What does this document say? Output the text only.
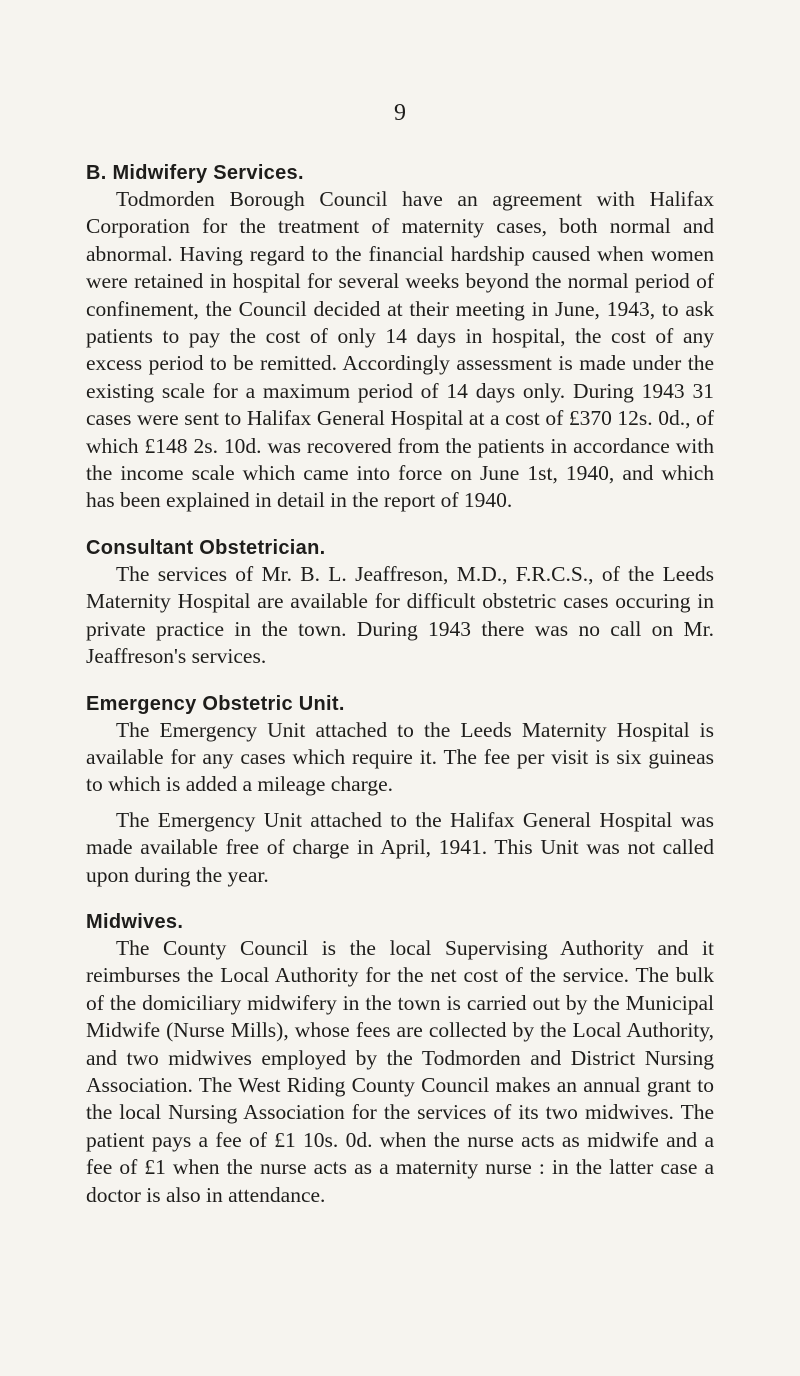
9
B. Midwifery Services.

Todmorden Borough Council have an agreement with Halifax Corporation for the treatment of maternity cases, both normal and abnormal. Having regard to the financial hardship caused when women were retained in hospital for several weeks beyond the normal period of confinement, the Council decided at their meeting in June, 1943, to ask patients to pay the cost of only 14 days in hospital, the cost of any excess period to be remitted. Accordingly assessment is made under the existing scale for a maximum period of 14 days only. During 1943 31 cases were sent to Halifax General Hospital at a cost of £370 12s. 0d., of which £148 2s. 10d. was recovered from the patients in accordance with the income scale which came into force on June 1st, 1940, and which has been explained in detail in the report of 1940.

Consultant Obstetrician.

The services of Mr. B. L. Jeaffreson, M.D., F.R.C.S., of the Leeds Maternity Hospital are available for difficult obstetric cases occuring in private practice in the town. During 1943 there was no call on Mr. Jeaffreson's services.

Emergency Obstetric Unit.

The Emergency Unit attached to the Leeds Maternity Hospital is available for any cases which require it. The fee per visit is six guineas to which is added a mileage charge.

The Emergency Unit attached to the Halifax General Hospital was made available free of charge in April, 1941. This Unit was not called upon during the year.

Midwives.

The County Council is the local Supervising Authority and it reimburses the Local Authority for the net cost of the service. The bulk of the domiciliary midwifery in the town is carried out by the Municipal Midwife (Nurse Mills), whose fees are collected by the Local Authority, and two midwives employed by the Todmorden and District Nursing Association. The West Riding County Council makes an annual grant to the local Nursing Association for the services of its two midwives. The patient pays a fee of £1 10s. 0d. when the nurse acts as midwife and a fee of £1 when the nurse acts as a maternity nurse : in the latter case a doctor is also in attendance.
